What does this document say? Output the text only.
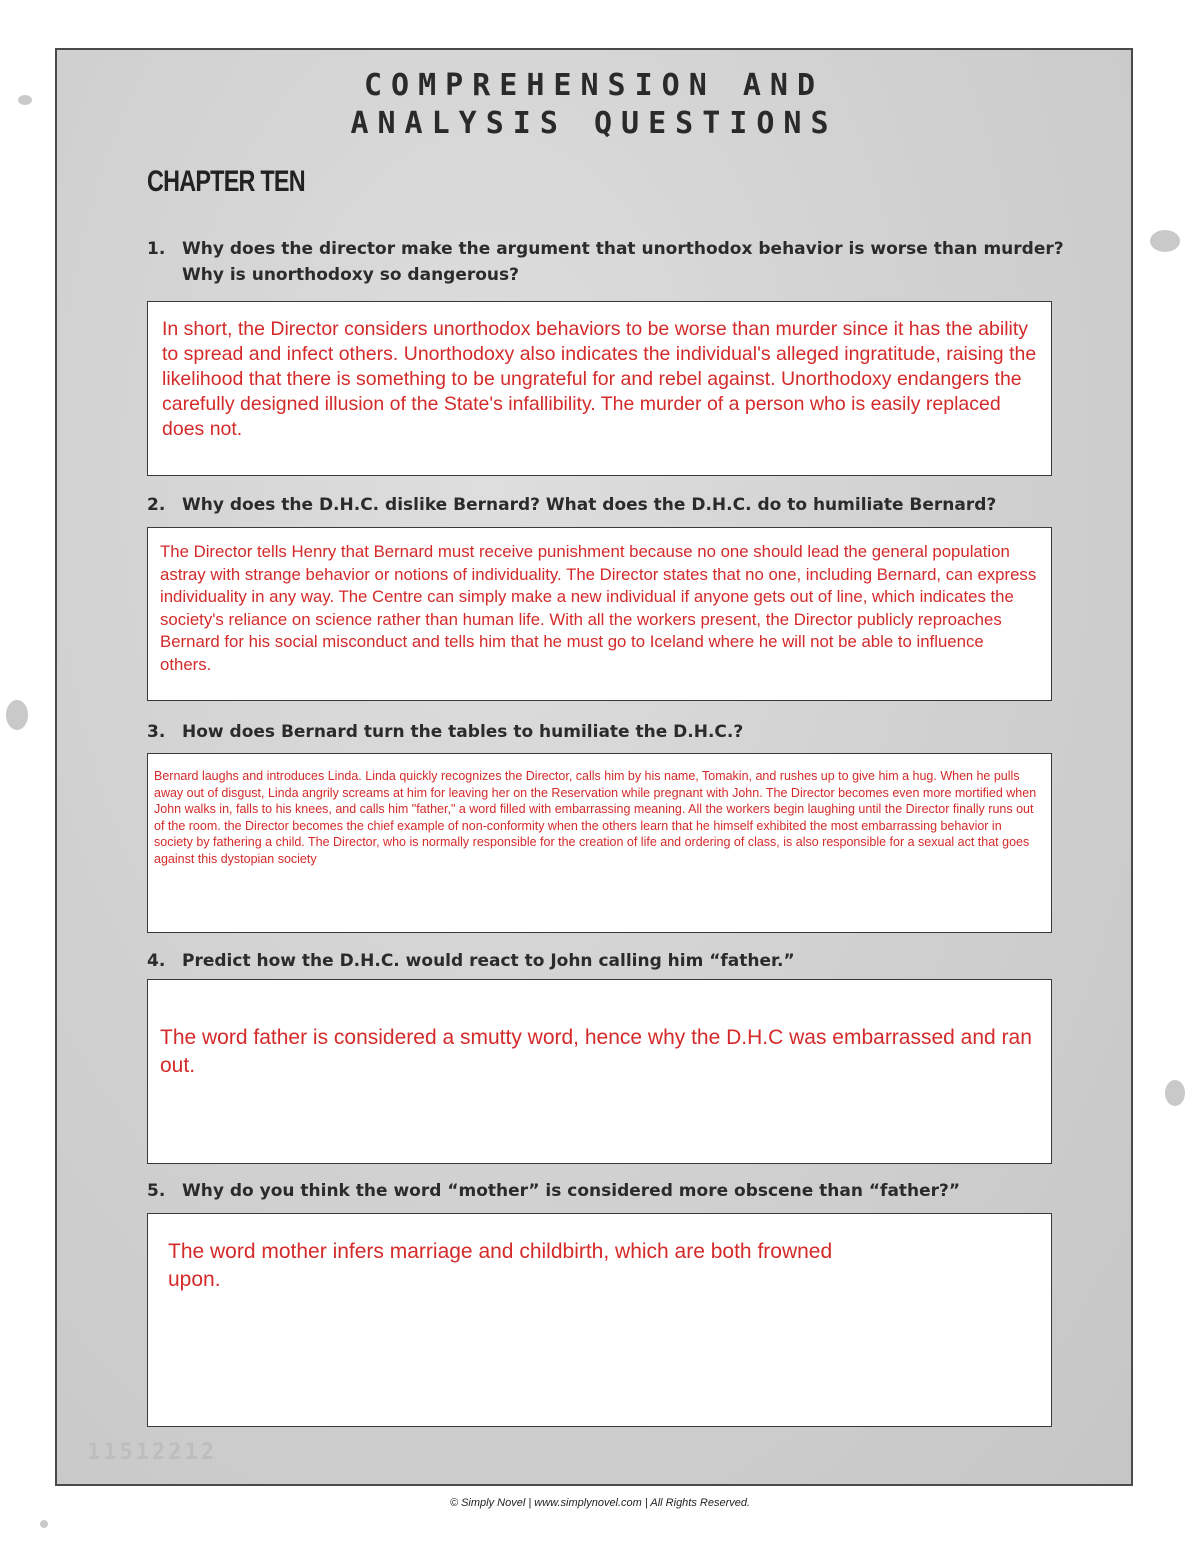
COMPREHENSION AND
ANALYSIS QUESTIONS
CHAPTER TEN
1. Why does the director make the argument that unorthodox behavior is worse than murder? Why is unorthodoxy so dangerous?

In short, the Director considers unorthodox behaviors to be worse than murder since it has the ability to spread and infect others. Unorthodoxy also indicates the individual's alleged ingratitude, raising the likelihood that there is something to be ungrateful for and rebel against. Unorthodoxy endangers the carefully designed illusion of the State's infallibility. The murder of a person who is easily replaced does not.

2. Why does the D.H.C. dislike Bernard? What does the D.H.C. do to humiliate Bernard?

The Director tells Henry that Bernard must receive punishment because no one should lead the general population astray with strange behavior or notions of individuality. The Director states that no one, including Bernard, can express individuality in any way. The Centre can simply make a new individual if anyone gets out of line, which indicates the society's reliance on science rather than human life. With all the workers present, the Director publicly reproaches Bernard for his social misconduct and tells him that he must go to Iceland where he will not be able to influence others.

3. How does Bernard turn the tables to humiliate the D.H.C.?

Bernard laughs and introduces Linda. Linda quickly recognizes the Director, calls him by his name, Tomakin, and rushes up to give him a hug. When he pulls away out of disgust, Linda angrily screams at him for leaving her on the Reservation while pregnant with John. The Director becomes even more mortified when John walks in, falls to his knees, and calls him "father," a word filled with embarrassing meaning. All the workers begin laughing until the Director finally runs out of the room. the Director becomes the chief example of non-conformity when the others learn that he himself exhibited the most embarrassing behavior in society by fathering a child. The Director, who is normally responsible for the creation of life and ordering of class, is also responsible for a sexual act that goes against this dystopian society

4. Predict how the D.H.C. would react to John calling him “father.”

The word father is considered a smutty word, hence why the D.H.C was embarrassed and ran out.

5. Why do you think the word “mother” is considered more obscene than “father?”

The word mother infers marriage and childbirth, which are both frowned upon.

11512212

© Simply Novel | www.simplynovel.com | All Rights Reserved.
